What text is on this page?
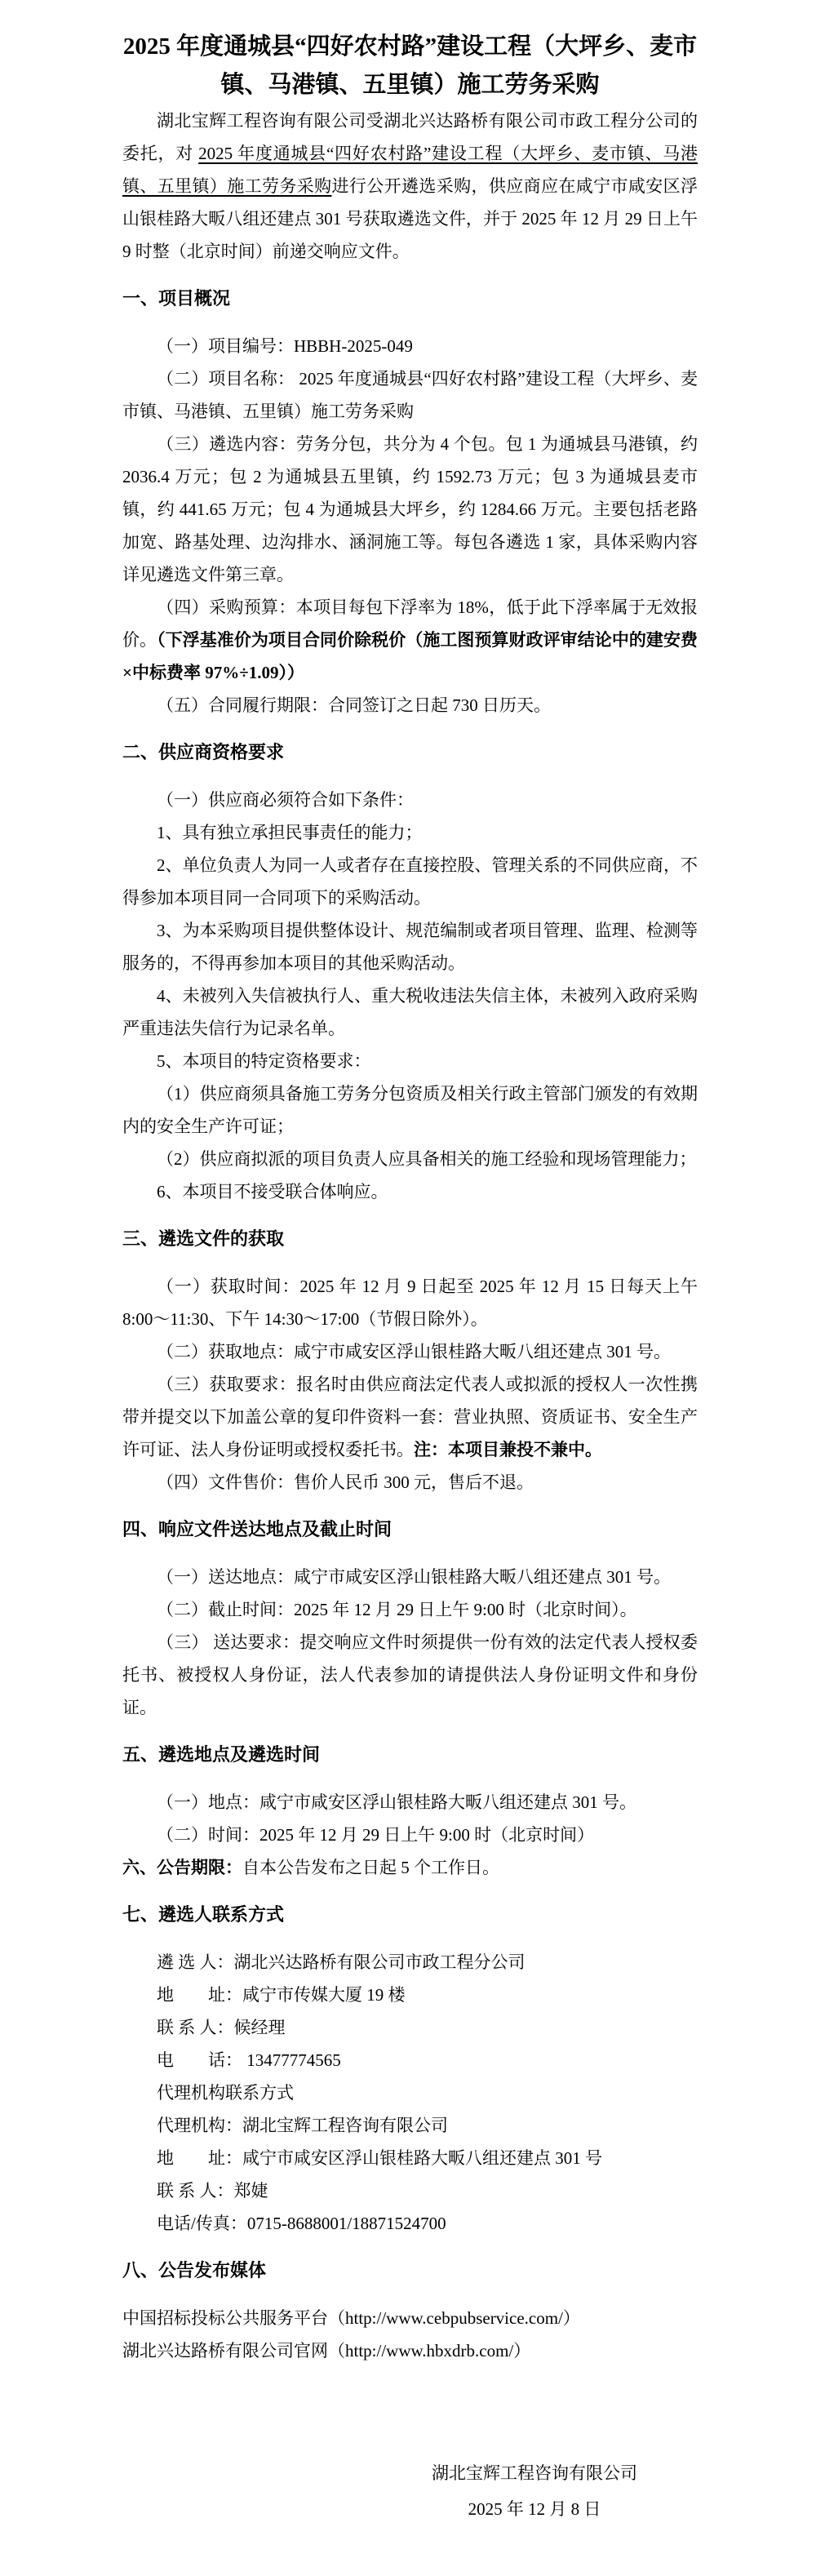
2025 年度通城县“四好农村路”建设工程（大坪乡、麦市镇、马港镇、五里镇）施工劳务采购

湖北宝辉工程咨询有限公司受湖北兴达路桥有限公司市政工程分公司的委托，对 2025 年度通城县“四好农村路”建设工程（大坪乡、麦市镇、马港镇、五里镇）施工劳务采购进行公开遴选采购，供应商应在咸宁市咸安区浮山银桂路大畈八组还建点 301 号获取遴选文件，并于 2025 年 12 月 29 日上午 9 时整（北京时间）前递交响应文件。

一、项目概况

（一）项目编号：HBBH-2025-049

（二）项目名称： 2025 年度通城县“四好农村路”建设工程（大坪乡、麦市镇、马港镇、五里镇）施工劳务采购

（三）遴选内容：劳务分包，共分为 4 个包。包 1 为通城县马港镇，约 2036.4 万元；包 2 为通城县五里镇，约 1592.73 万元；包 3 为通城县麦市镇，约 441.65 万元；包 4 为通城县大坪乡，约 1284.66 万元。主要包括老路加宽、路基处理、边沟排水、涵洞施工等。每包各遴选 1 家，具体采购内容详见遴选文件第三章。

（四）采购预算：本项目每包下浮率为 18%，低于此下浮率属于无效报价。（下浮基准价为项目合同价除税价（施工图预算财政评审结论中的建安费×中标费率 97%÷1.09））

（五）合同履行期限：合同签订之日起 730 日历天。

二、供应商资格要求

（一）供应商必须符合如下条件：

1、具有独立承担民事责任的能力；

2、单位负责人为同一人或者存在直接控股、管理关系的不同供应商，不得参加本项目同一合同项下的采购活动。

3、为本采购项目提供整体设计、规范编制或者项目管理、监理、检测等服务的，不得再参加本项目的其他采购活动。

4、未被列入失信被执行人、重大税收违法失信主体，未被列入政府采购严重违法失信行为记录名单。

5、本项目的特定资格要求：

（1）供应商须具备施工劳务分包资质及相关行政主管部门颁发的有效期内的安全生产许可证；

（2）供应商拟派的项目负责人应具备相关的施工经验和现场管理能力；

6、本项目不接受联合体响应。

三、遴选文件的获取

（一）获取时间：2025 年 12 月 9 日起至 2025 年 12 月 15 日每天上午 8:00～11:30、下午 14:30～17:00（节假日除外）。

（二）获取地点：咸宁市咸安区浮山银桂路大畈八组还建点 301 号。

（三）获取要求：报名时由供应商法定代表人或拟派的授权人一次性携带并提交以下加盖公章的复印件资料一套：营业执照、资质证书、安全生产许可证、法人身份证明或授权委托书。注：本项目兼投不兼中。

（四）文件售价：售价人民币 300 元，售后不退。

四、响应文件送达地点及截止时间

（一）送达地点：咸宁市咸安区浮山银桂路大畈八组还建点 301 号。

（二）截止时间：2025 年 12 月 29 日上午 9:00 时（北京时间）。

（三） 送达要求：提交响应文件时须提供一份有效的法定代表人授权委托书、被授权人身份证，法人代表参加的请提供法人身份证明文件和身份证。

五、遴选地点及遴选时间

（一）地点：咸宁市咸安区浮山银桂路大畈八组还建点 301 号。

（二）时间：2025 年 12 月 29 日上午 9:00 时（北京时间）

六、公告期限：自本公告发布之日起 5 个工作日。

七、遴选人联系方式

遴 选 人：湖北兴达路桥有限公司市政工程分公司

地　　址：咸宁市传媒大厦 19 楼

联 系 人：候经理

电　　话： 13477774565

代理机构联系方式

代理机构：湖北宝辉工程咨询有限公司

地　　址：咸宁市咸安区浮山银桂路大畈八组还建点 301 号

联 系 人：郑婕

电话/传真：0715-8688001/18871524700

八、公告发布媒体

中国招标投标公共服务平台（http://www.cebpubservice.com/）

湖北兴达路桥有限公司官网（http://www.hbxdrb.com/）

湖北宝辉工程咨询有限公司

2025 年 12 月 8 日
